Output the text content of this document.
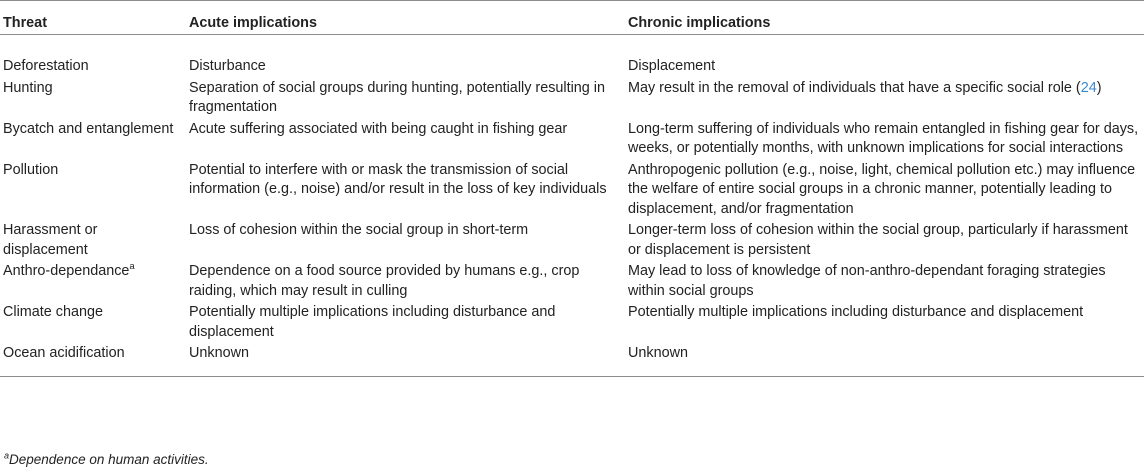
Threat	Acute implications	Chronic implications
Deforestation	Disturbance	Displacement
Hunting	Separation of social groups during hunting, potentially resulting in fragmentation	May result in the removal of individuals that have a specific social role (24)
Bycatch and entanglement	Acute suffering associated with being caught in fishing gear	Long-term suffering of individuals who remain entangled in fishing gear for days, weeks, or potentially months, with unknown implications for social interactions
Pollution	Potential to interfere with or mask the transmission of social information (e.g., noise) and/or result in the loss of key individuals	Anthropogenic pollution (e.g., noise, light, chemical pollution etc.) may influence the welfare of entire social groups in a chronic manner, potentially leading to displacement, and/or fragmentation
Harassment or displacement	Loss of cohesion within the social group in short-term	Longer-term loss of cohesion within the social group, particularly if harassment or displacement is persistent
Anthro-dependance$^a$	Dependence on a food source provided by humans e.g., crop raiding, which may result in culling	May lead to loss of knowledge of non-anthro-dependant foraging strategies within social groups
Climate change	Potentially multiple implications including disturbance and displacement	Potentially multiple implications including disturbance and displacement
Ocean acidification	Unknown	Unknown
$^a$Dependence on human activities.
